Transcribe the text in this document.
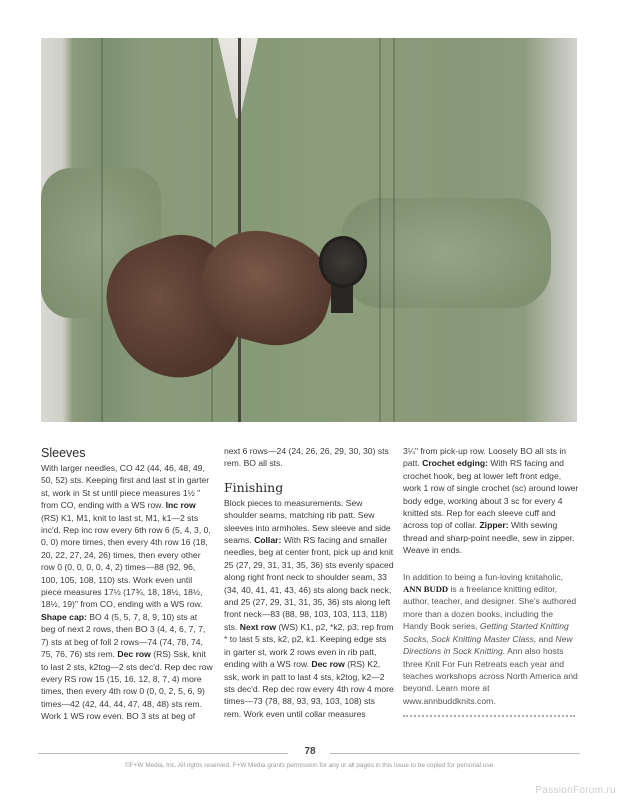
Sleeves

With larger needles, CO 42 (44, 46, 48, 49, 50, 52) sts. Keeping first and last st in garter st, work in St st until piece measures 1½ " from CO, ending with a WS row. Inc row (RS) K1, M1, knit to last st, M1, k1—2 sts inc'd. Rep inc row every 6th row 6 (5, 4, 3, 0, 0, 0) more times, then every 4th row 16 (18, 20, 22, 27, 24, 26) times, then every other row 0 (0, 0, 0, 0, 4, 2) times—88 (92, 96, 100, 105, 108, 110) sts. Work even until piece measures 17½ (17¾, 18, 18½, 18½, 18½, 19)" from CO, ending with a WS row. Shape cap: BO 4 (5, 5, 7, 8, 9, 10) sts at beg of next 2 rows, then BO 3 (4, 4, 6, 7, 7, 7) sts at beg of foll 2 rows—74 (74, 78, 74, 75, 76, 76) sts rem. Dec row (RS) Ssk, knit to last 2 sts, k2tog—2 sts dec'd. Rep dec row every RS row 15 (15, 16, 12, 8, 7, 4) more times, then every 4th row 0 (0, 0, 2, 5, 6, 9) times—42 (42, 44, 44, 47, 48, 48) sts rem. Work 1 WS row even. BO 3 sts at beg of

next 6 rows—24 (24, 26, 26, 29, 30, 30) sts rem. BO all sts.

Finishing

Block pieces to measurements. Sew shoulder seams, matching rib patt. Sew sleeves into armholes. Sew sleeve and side seams. Collar: With RS facing and smaller needles, beg at center front, pick up and knit 25 (27, 29, 31, 31, 35, 36) sts evenly spaced along right front neck to shoulder seam, 33 (34, 40, 41, 41, 43, 46) sts along back neck, and 25 (27, 29, 31, 31, 35, 36) sts along left front neck—83 (88, 98, 103, 103, 113, 118) sts. Next row (WS) K1, p2, *k2, p3; rep from * to last 5 sts, k2, p2, k1. Keeping edge sts in garter st, work 2 rows even in rib patt, ending with a WS row. Dec row (RS) K2, ssk, work in patt to last 4 sts, k2tog, k2—2 sts dec'd. Rep dec row every 4th row 4 more times—73 (78, 88, 93, 93, 103, 108) sts rem. Work even until collar measures

3¼" from pick-up row. Loosely BO all sts in patt. Crochet edging: With RS facing and crochet hook, beg at lower left front edge, work 1 row of single crochet (sc) around lower body edge, working about 3 sc for every 4 knitted sts. Rep for each sleeve cuff and across top of collar. Zipper: With sewing thread and sharp-point needle, sew in zipper. Weave in ends.

In addition to being a fun-loving knitaholic, ANN BUDD is a freelance knitting editor, author, teacher, and designer. She's authored more than a dozen books, including the Handy Book series, Getting Started Knitting Socks, Sock Knitting Master Class, and New Directions in Sock Knitting. Ann also hosts three Knit For Fun Retreats each year and teaches workshops across North America and beyond. Learn more at www.annbuddknits.com.

78
©F+W Media, Inc. All rights reserved. F+W Media grants permission for any or all pages in this issue to be copied for personal use.
PassionForum.ru
